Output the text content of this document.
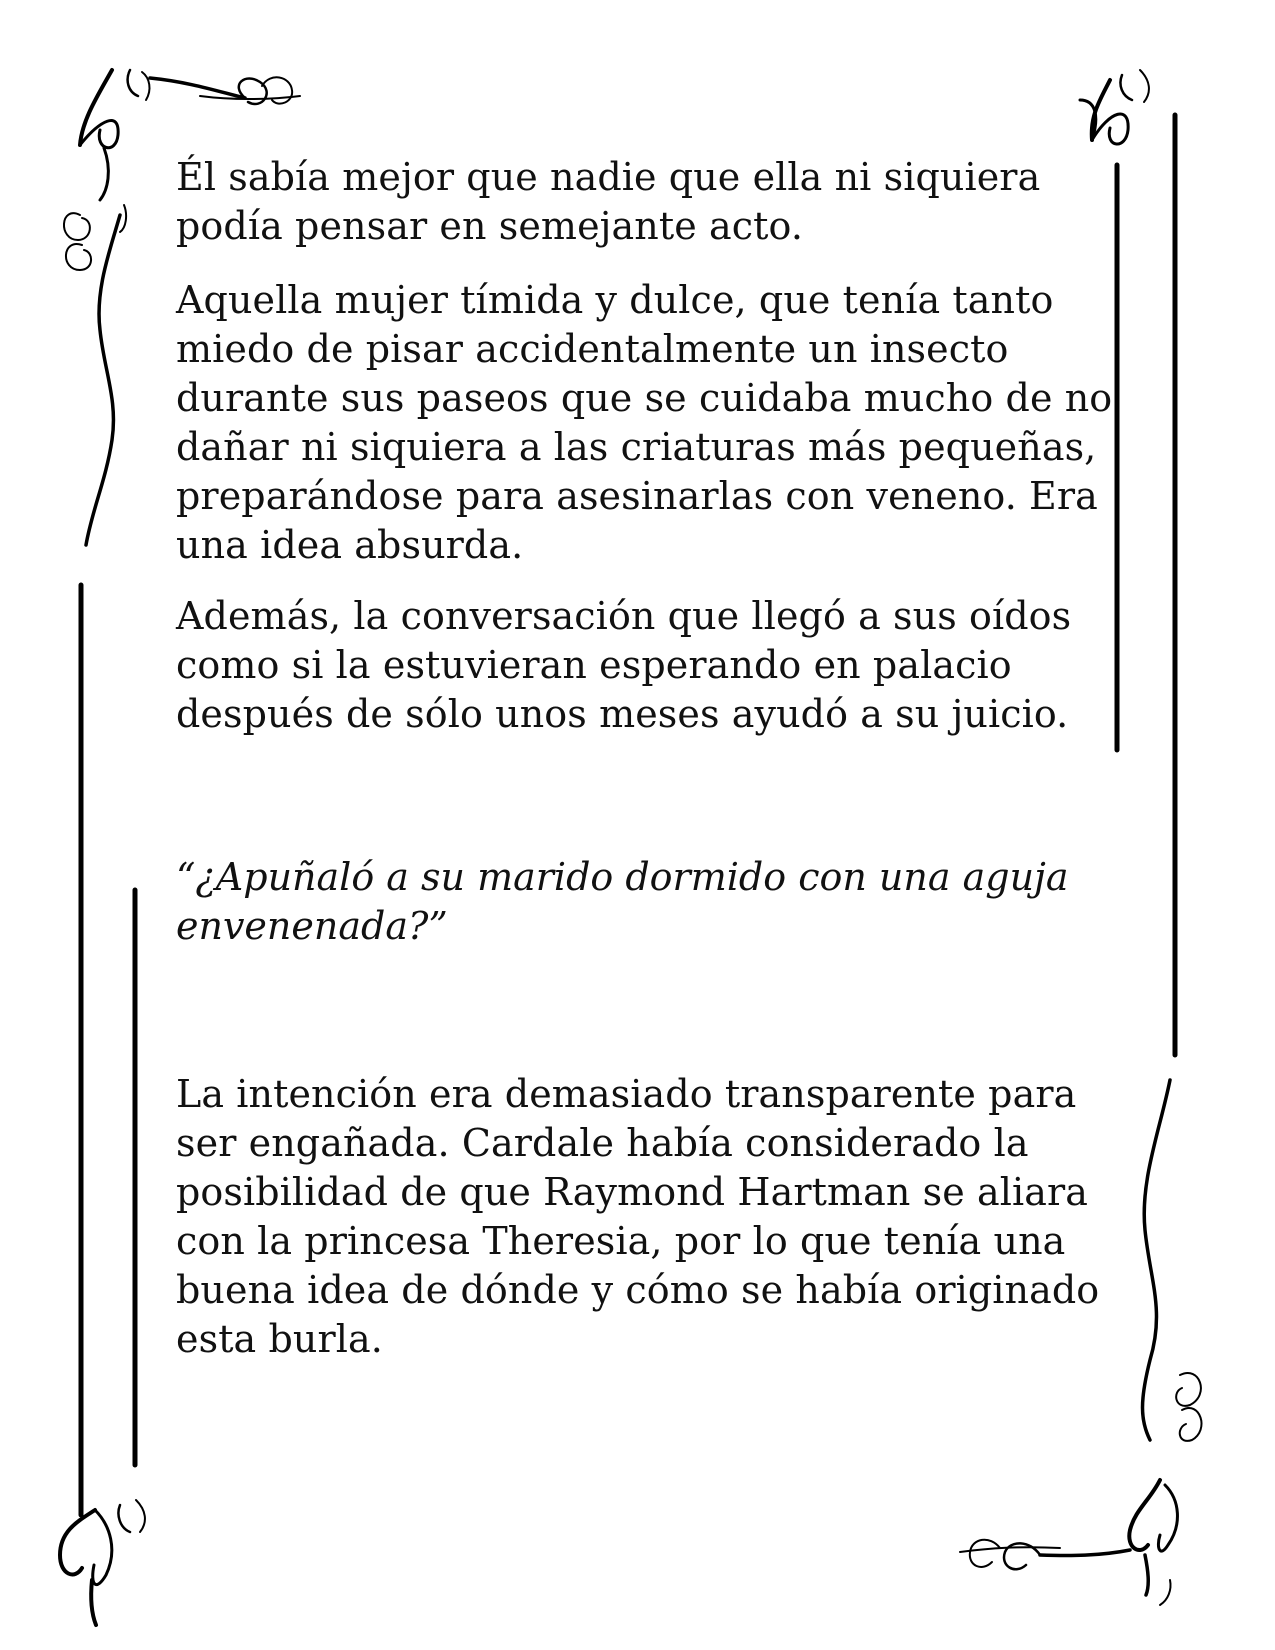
Él sabía mejor que nadie que ella ni siquiera podía pensar en semejante acto.

Aquella mujer tímida y dulce, que tenía tanto miedo de pisar accidentalmente un insecto durante sus paseos que se cuidaba mucho de no dañar ni siquiera a las criaturas más pequeñas, preparándose para asesinarlas con veneno. Era una idea absurda.

Además, la conversación que llegó a sus oídos como si la estuvieran esperando en palacio después de sólo unos meses ayudó a su juicio.

“¿Apuñaló a su marido dormido con una aguja envenenada?”

La intención era demasiado transparente para ser engañada. Cardale había considerado la posibilidad de que Raymond Hartman se aliara con la princesa Theresia, por lo que tenía una buena idea de dónde y cómo se había originado esta burla.
